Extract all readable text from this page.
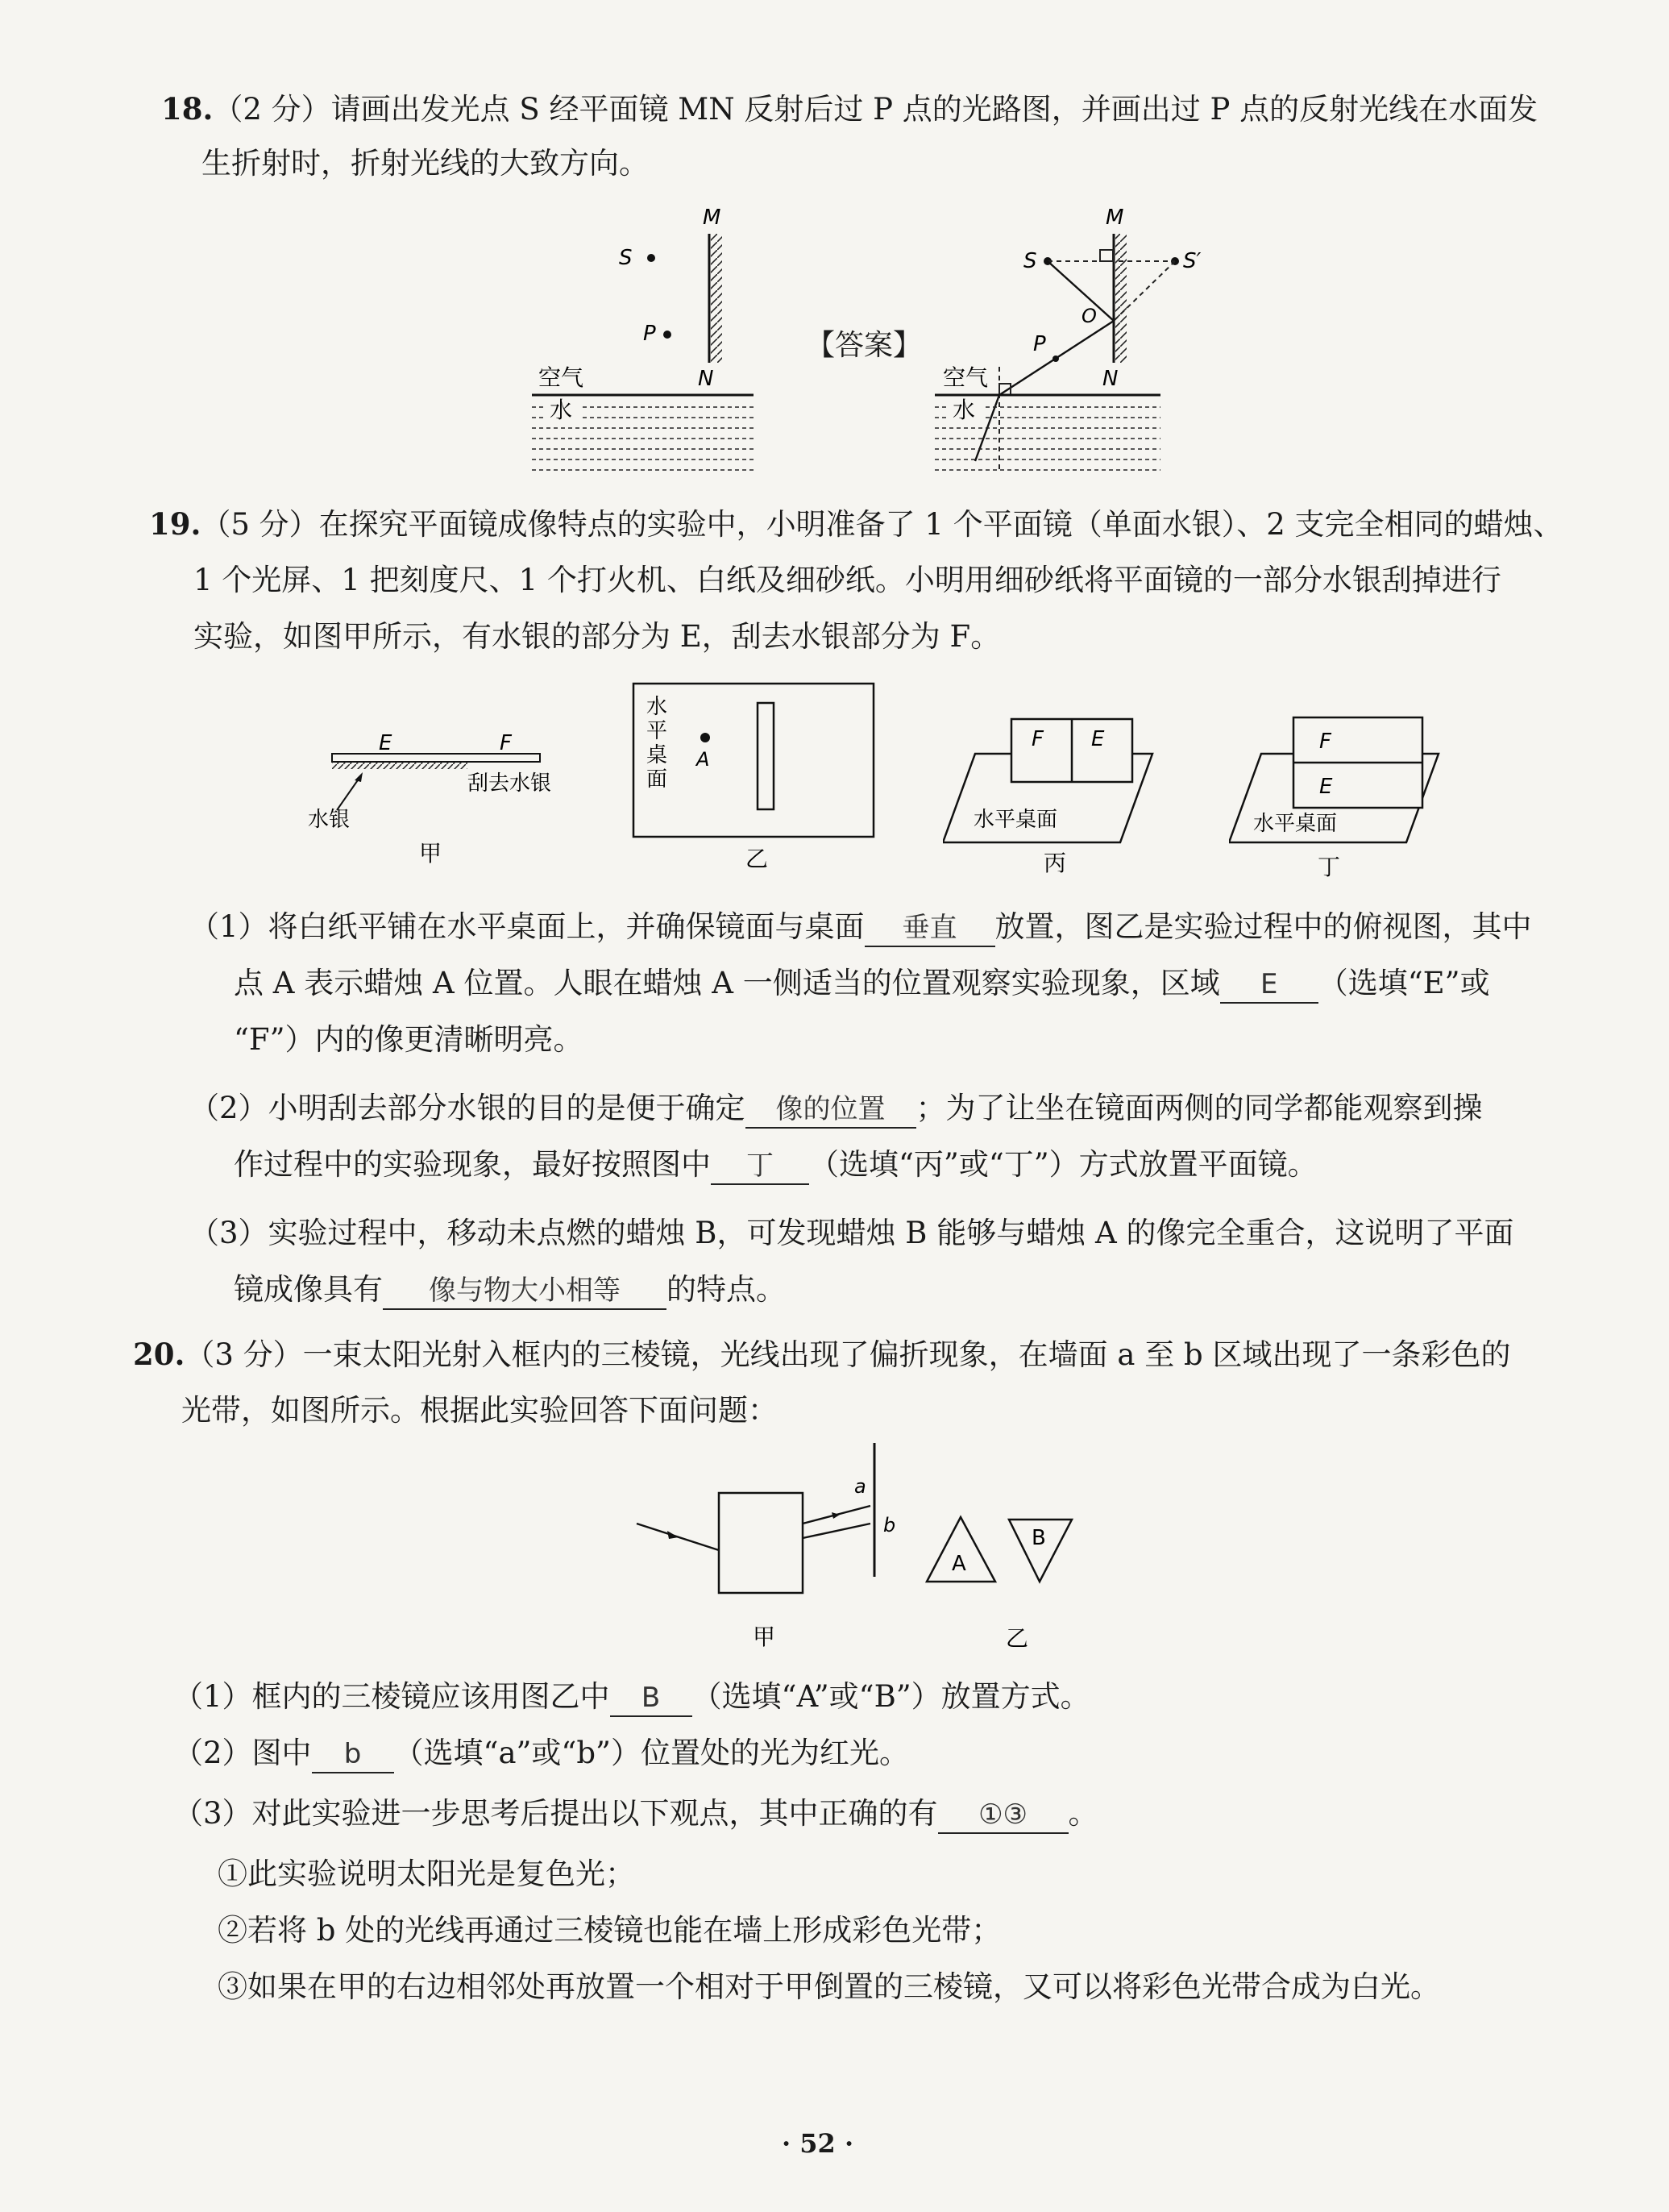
18.（2 分）请画出发光点 S 经平面镜 MN 反射后过 P 点的光路图，并画出过 P 点的反射光线在水面发
生折射时，折射光线的大致方向。
M
S
P
N
空气
水
【答案】
M
S	S′
O
P
N
空气
水
19.（5 分）在探究平面镜成像特点的实验中，小明准备了 1 个平面镜（单面水银）、2 支完全相同的蜡烛、
1 个光屏、1 把刻度尺、1 个打火机、白纸及细砂纸。小明用细砂纸将平面镜的一部分水银刮掉进行
实验，如图甲所示，有水银的部分为 E，刮去水银部分为 F。
E	F
刮去水银
水银
甲
水
平
桌
面
A
乙
F E
水平桌面
丙
F
E
水平桌面
丁
（1）将白纸平铺在水平桌面上，并确保镜面与桌面 垂直 放置，图乙是实验过程中的俯视图，其中
点 A 表示蜡烛 A 位置。人眼在蜡烛 A 一侧适当的位置观察实验现象，区域 E （选填“E”或
“F”）内的像更清晰明亮。
（2）小明刮去部分水银的目的是便于确定 像的位置 ；为了让坐在镜面两侧的同学都能观察到操
作过程中的实验现象，最好按照图中 丁 （选填“丙”或“丁”）方式放置平面镜。
（3）实验过程中，移动未点燃的蜡烛 B，可发现蜡烛 B 能够与蜡烛 A 的像完全重合，这说明了平面
镜成像具有 像与物大小相等 的特点。
20.（3 分）一束太阳光射入框内的三棱镜，光线出现了偏折现象，在墙面 a 至 b 区域出现了一条彩色的
光带，如图所示。根据此实验回答下面问题：
a
b
甲
A
B
乙
（1）框内的三棱镜应该用图乙中 B （选填“A”或“B”）放置方式。
（2）图中 b （选填“a”或“b”）位置处的光为红光。
（3）对此实验进一步思考后提出以下观点，其中正确的有 ①③ 。
①此实验说明太阳光是复色光；
②若将 b 处的光线再通过三棱镜也能在墙上形成彩色光带；
③如果在甲的右边相邻处再放置一个相对于甲倒置的三棱镜，又可以将彩色光带合成为白光。
· 52 ·
